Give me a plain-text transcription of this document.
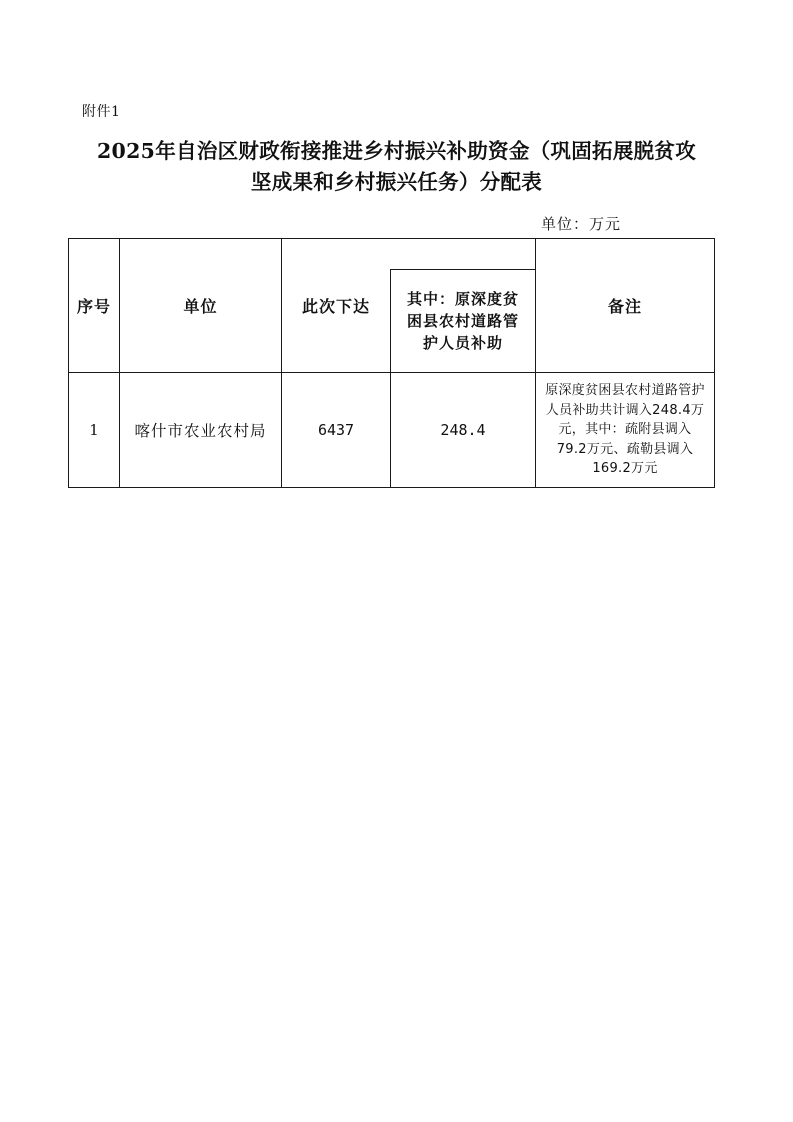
附件1
2025年自治区财政衔接推进乡村振兴补助资金（巩固拓展脱贫攻
坚成果和乡村振兴任务）分配表
单位：万元
序号	单位	此次下达		备注

			其中：原深度贫困县农村道路管护人员补助	

1	喀什市农业农村局	6437	248.4	原深度贫困县农村道路管护人员补助共计调入248.4万元，其中：疏附县调入79.2万元、疏勒县调入169.2万元
